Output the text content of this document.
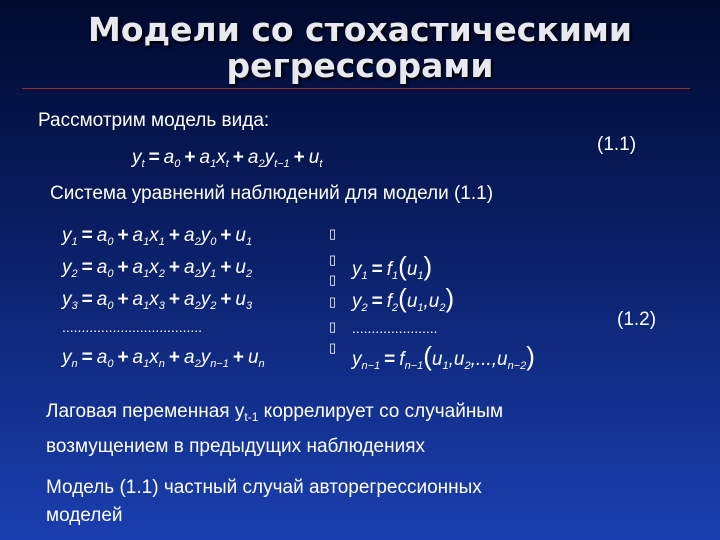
Модели со стохастическими
регрессорами
Рассмотрим модель вида:
$y_t = a_0 + a_1x_t + a_2y_{t-1} + u_t$
(1.1)
Система уравнений наблюдений для модели (1.1)
$y_1 = a_0 + a_1x_1 + a_2y_0 + u_1$
$y_2 = a_0 + a_1x_2 + a_2y_1 + u_2$
$y_3 = a_0 + a_1x_3 + a_2y_2 + u_3$
....................................
$y_n = a_0 + a_1x_n + a_2y_{n-1} + u_n$
▯
▯
▯
▯
▯
▯
$y_1 = f_1(u_1)$
$y_2 = f_2(u_1,u_2)$
......................
$y_{n-1} = f_{n-1}(u_1,u_2,...,u_{n-2})$
(1.2)
Лаговая переменная $y_{t-1}$ коррелирует со случайным
возмущением в предыдущих наблюдениях
Модель (1.1) частный случай авторегрессионных
моделей
